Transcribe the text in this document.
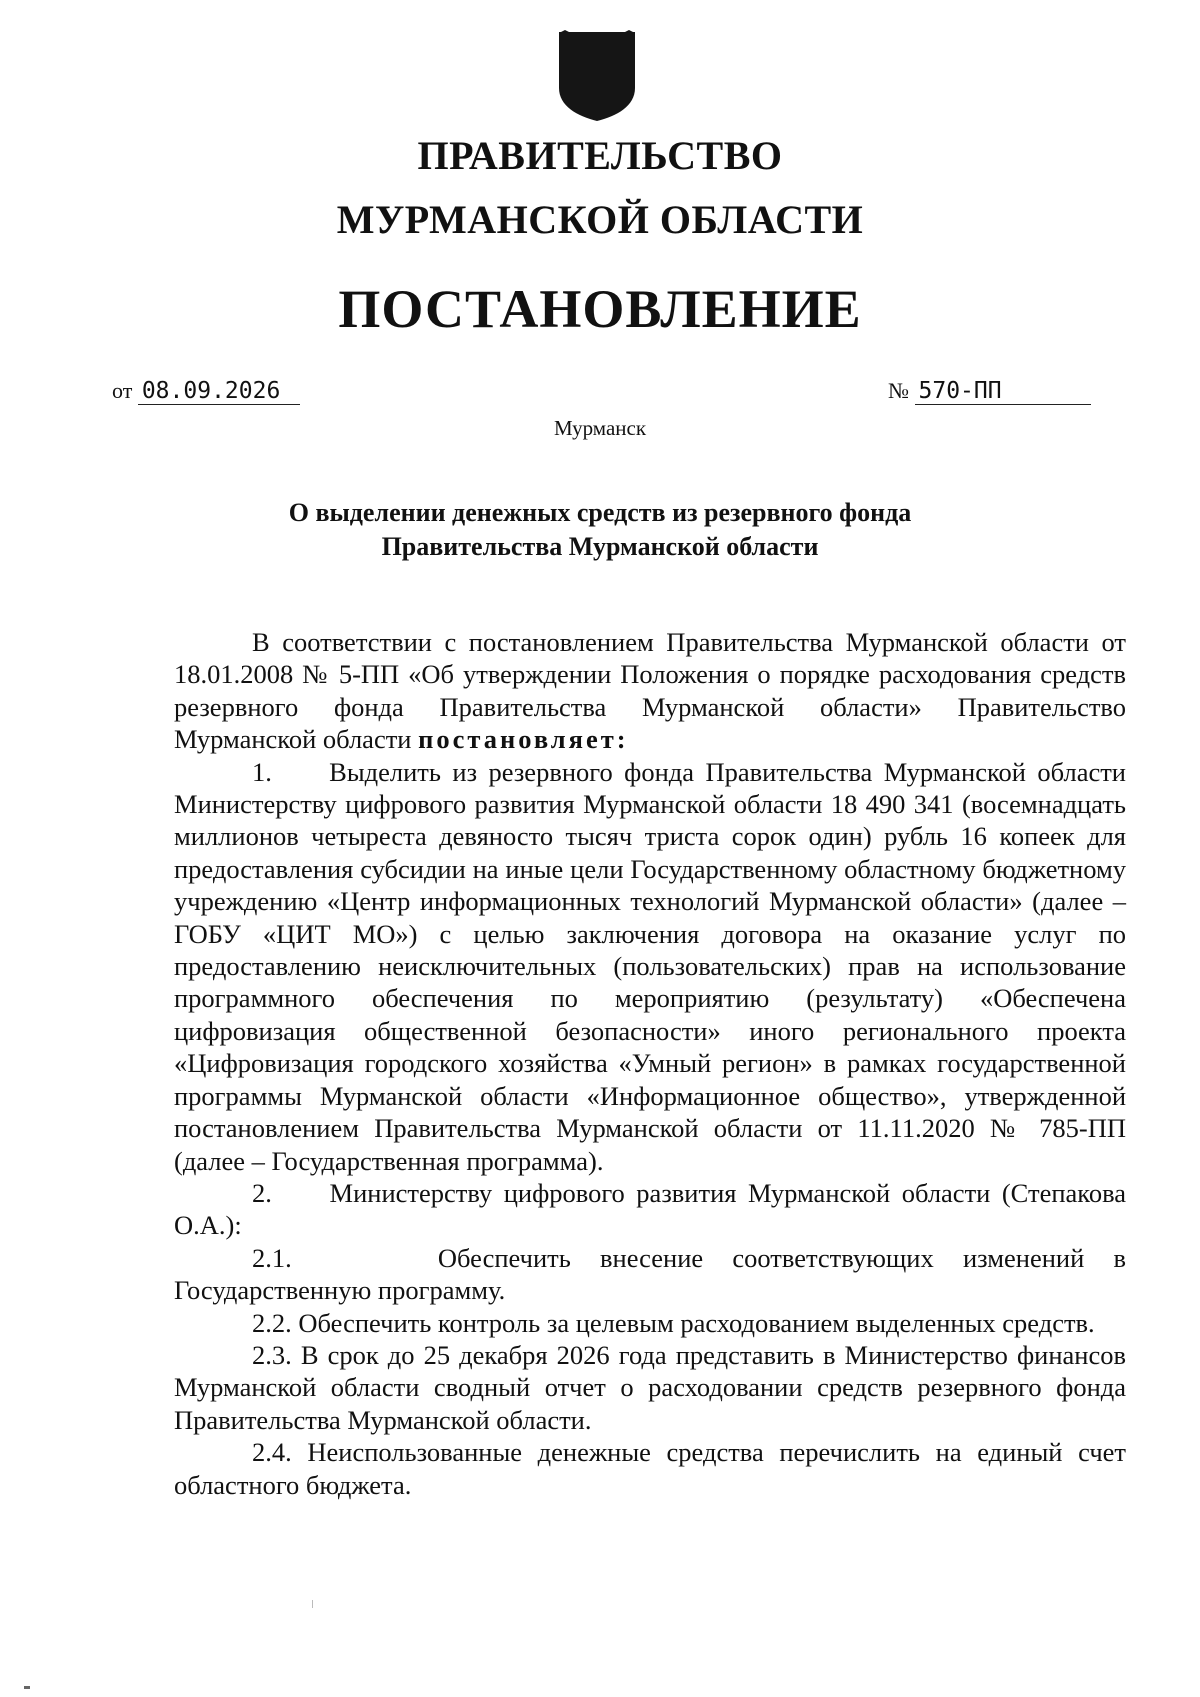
ПРАВИТЕЛЬСТВО
МУРМАНСКОЙ ОБЛАСТИ
ПОСТАНОВЛЕНИЕ
от 08.09.2026	№ 570-ПП
Мурманск
О выделении денежных средств из резервного фонда
Правительства Мурманской области

В соответствии с постановлением Правительства Мурманской области от 18.01.2008 № 5-ПП «Об утверждении Положения о порядке расходования средств резервного фонда Правительства Мурманской области» Правительство Мурманской области постановляет:

1.     Выделить из резервного фонда Правительства Мурманской области Министерству цифрового развития Мурманской области 18 490 341 (восемнадцать миллионов четыреста девяносто тысяч триста сорок один) рубль 16 копеек для предоставления субсидии на иные цели Государственному областному бюджетному учреждению «Центр информационных технологий Мурманской области» (далее – ГОБУ «ЦИТ МО») с целью заключения договора на оказание услуг по предоставлению неисключительных (пользовательских) прав на использование программного обеспечения по мероприятию (результату) «Обеспечена цифровизация общественной безопасности» иного регионального проекта «Цифровизация городского хозяйства «Умный регион» в рамках государственной программы Мурманской области «Информационное общество», утвержденной постановлением Правительства Мурманской области от 11.11.2020 № 785-ПП (далее – Государственная программа).

2.     Министерству цифрового развития Мурманской области (Степакова О.А.):

2.1.     Обеспечить внесение соответствующих изменений в Государственную программу.

2.2. Обеспечить контроль за целевым расходованием выделенных средств.

2.3. В срок до 25 декабря 2026 года представить в Министерство финансов Мурманской области сводный отчет о расходовании средств резервного фонда Правительства Мурманской области.

2.4. Неиспользованные денежные средства перечислить на единый счет областного бюджета.
